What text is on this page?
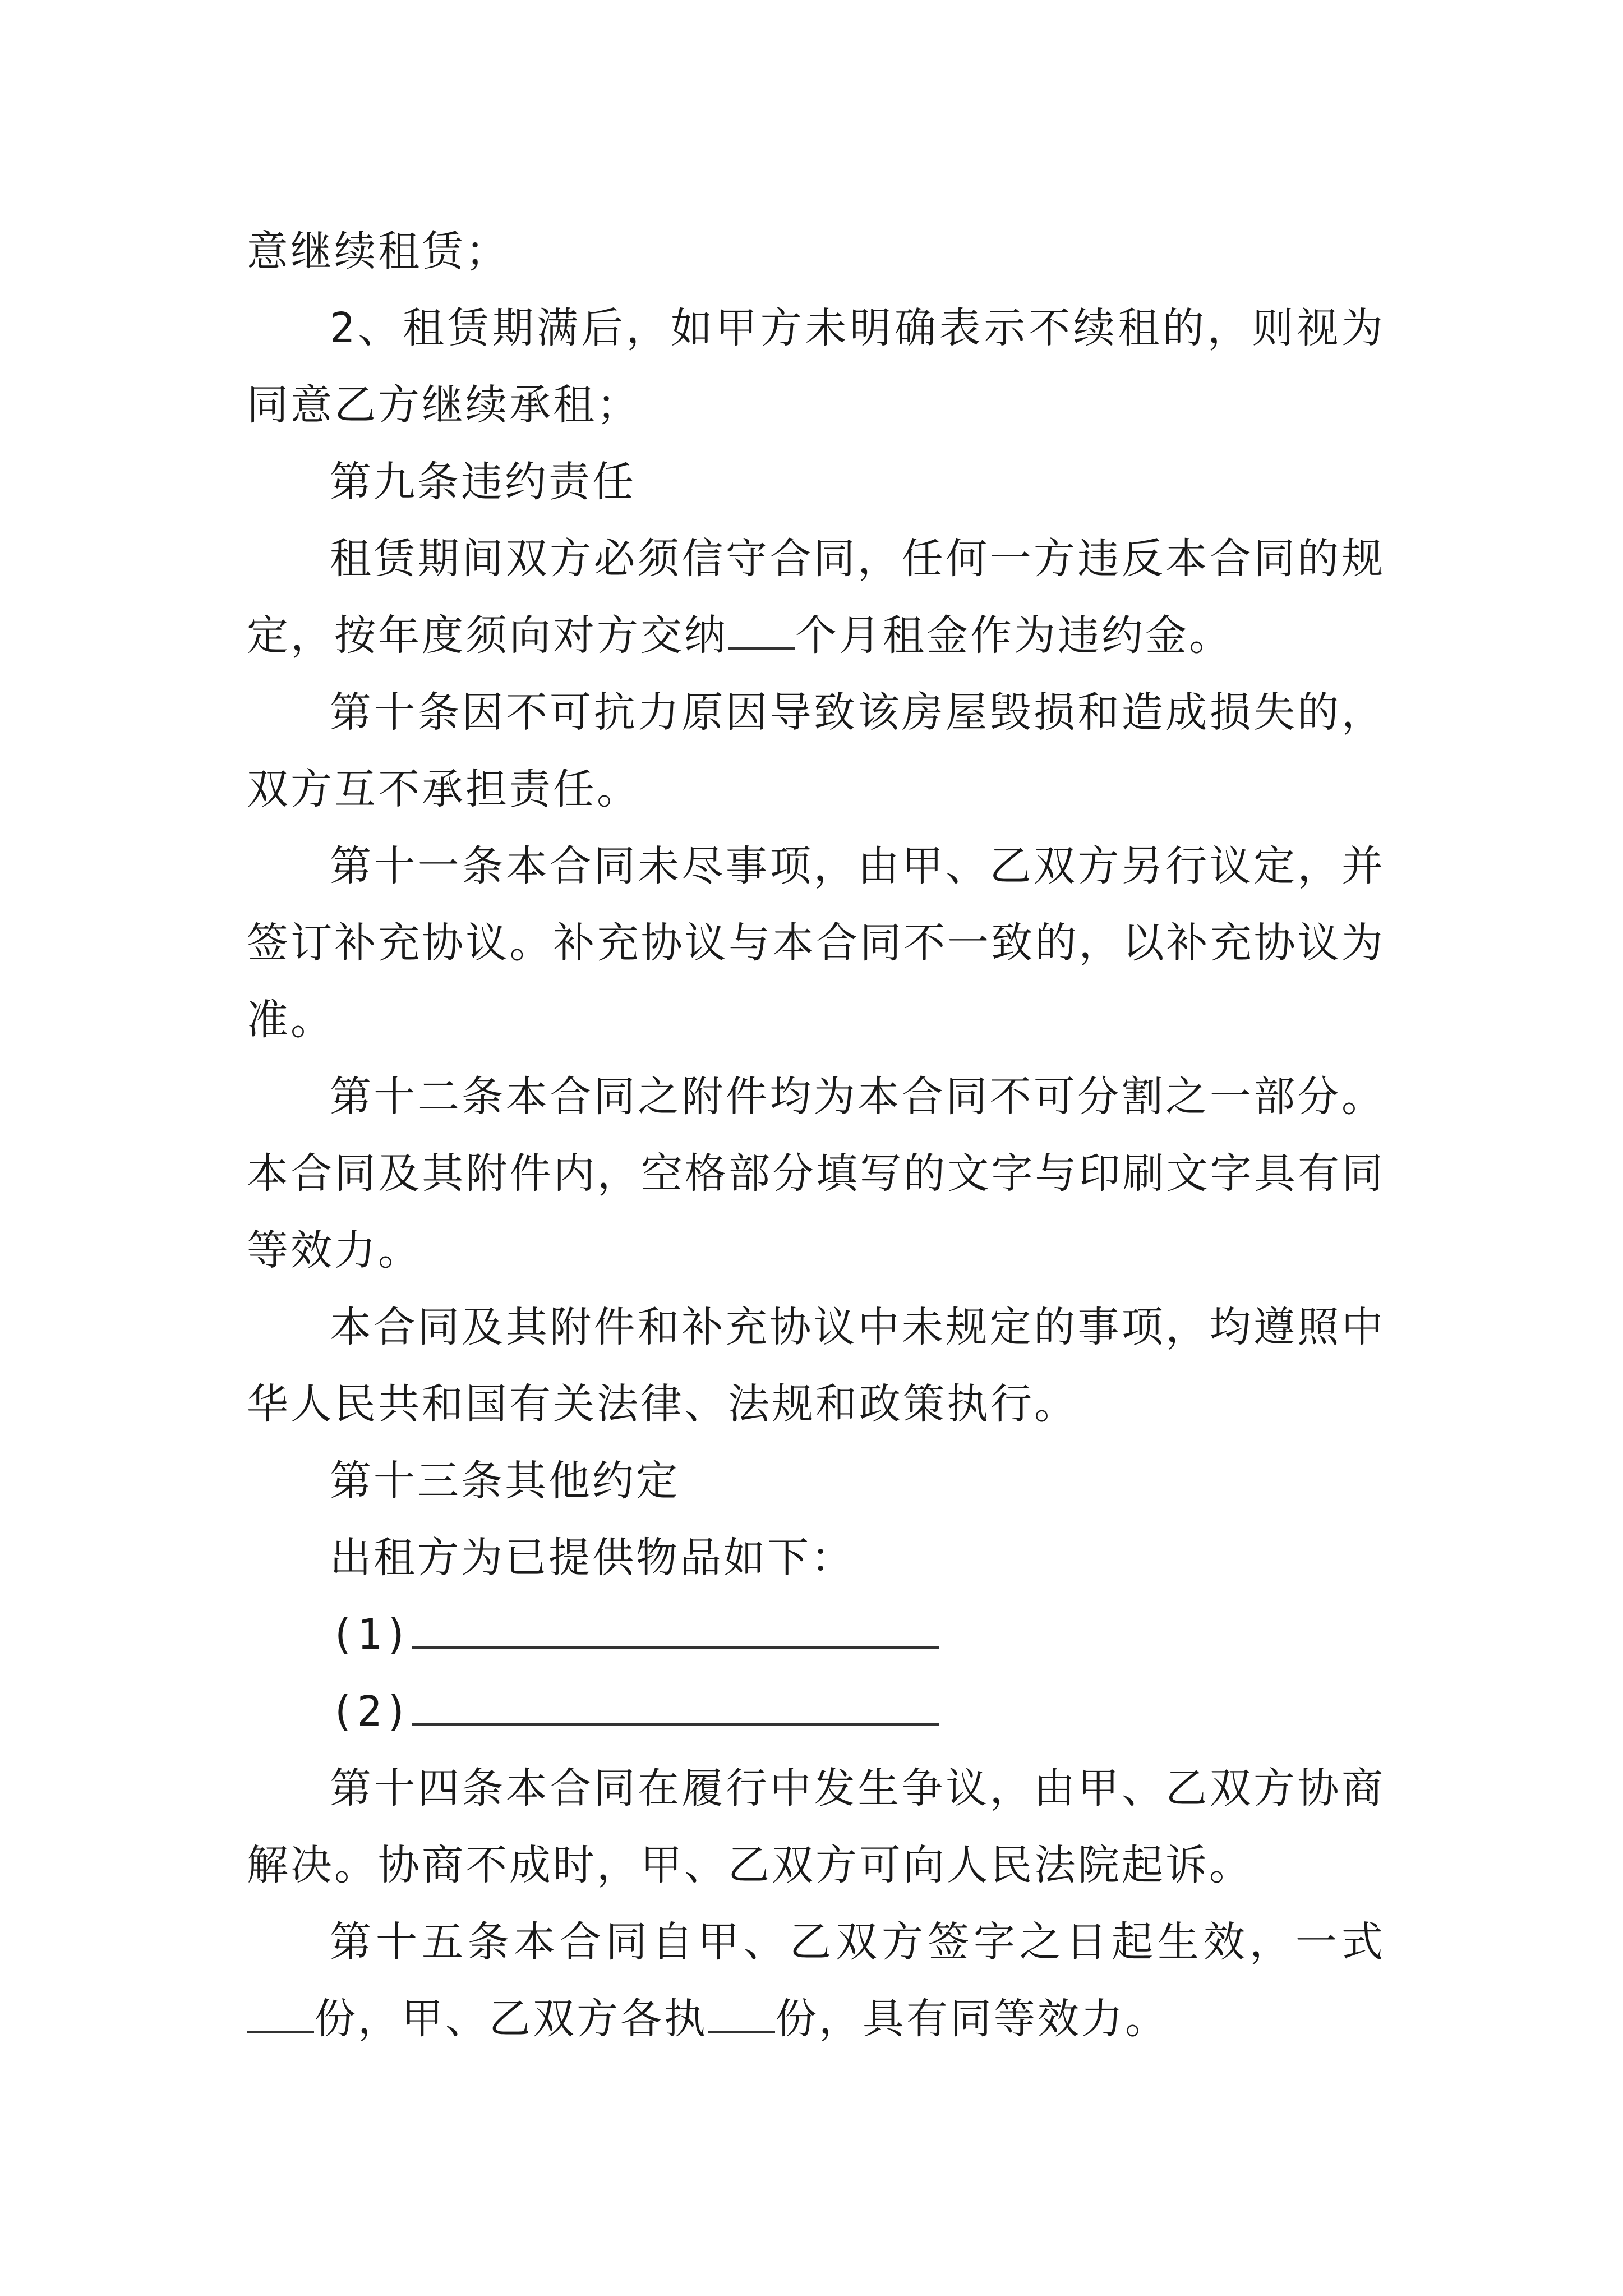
意继续租赁；

2、租赁期满后，如甲方未明确表示不续租的，则视为同意乙方继续承租；

第九条违约责任

租赁期间双方必须信守合同，任何一方违反本合同的规定，按年度须向对方交纳 个月租金作为违约金。

第十条因不可抗力原因导致该房屋毁损和造成损失的，双方互不承担责任。

第十一条本合同未尽事项，由甲、乙双方另行议定，并签订补充协议。补充协议与本合同不一致的，以补充协议为准。

第十二条本合同之附件均为本合同不可分割之一部分。本合同及其附件内，空格部分填写的文字与印刷文字具有同等效力。

本合同及其附件和补充协议中未规定的事项，均遵照中华人民共和国有关法律、法规和政策执行。

第十三条其他约定

出租方为已提供物品如下：

(1)

(2)

第十四条本合同在履行中发生争议，由甲、乙双方协商解决。协商不成时，甲、乙双方可向人民法院起诉。

第十五条本合同自甲、乙双方签字之日起生效，一式份，甲、乙双方各执 份，具有同等效力。
